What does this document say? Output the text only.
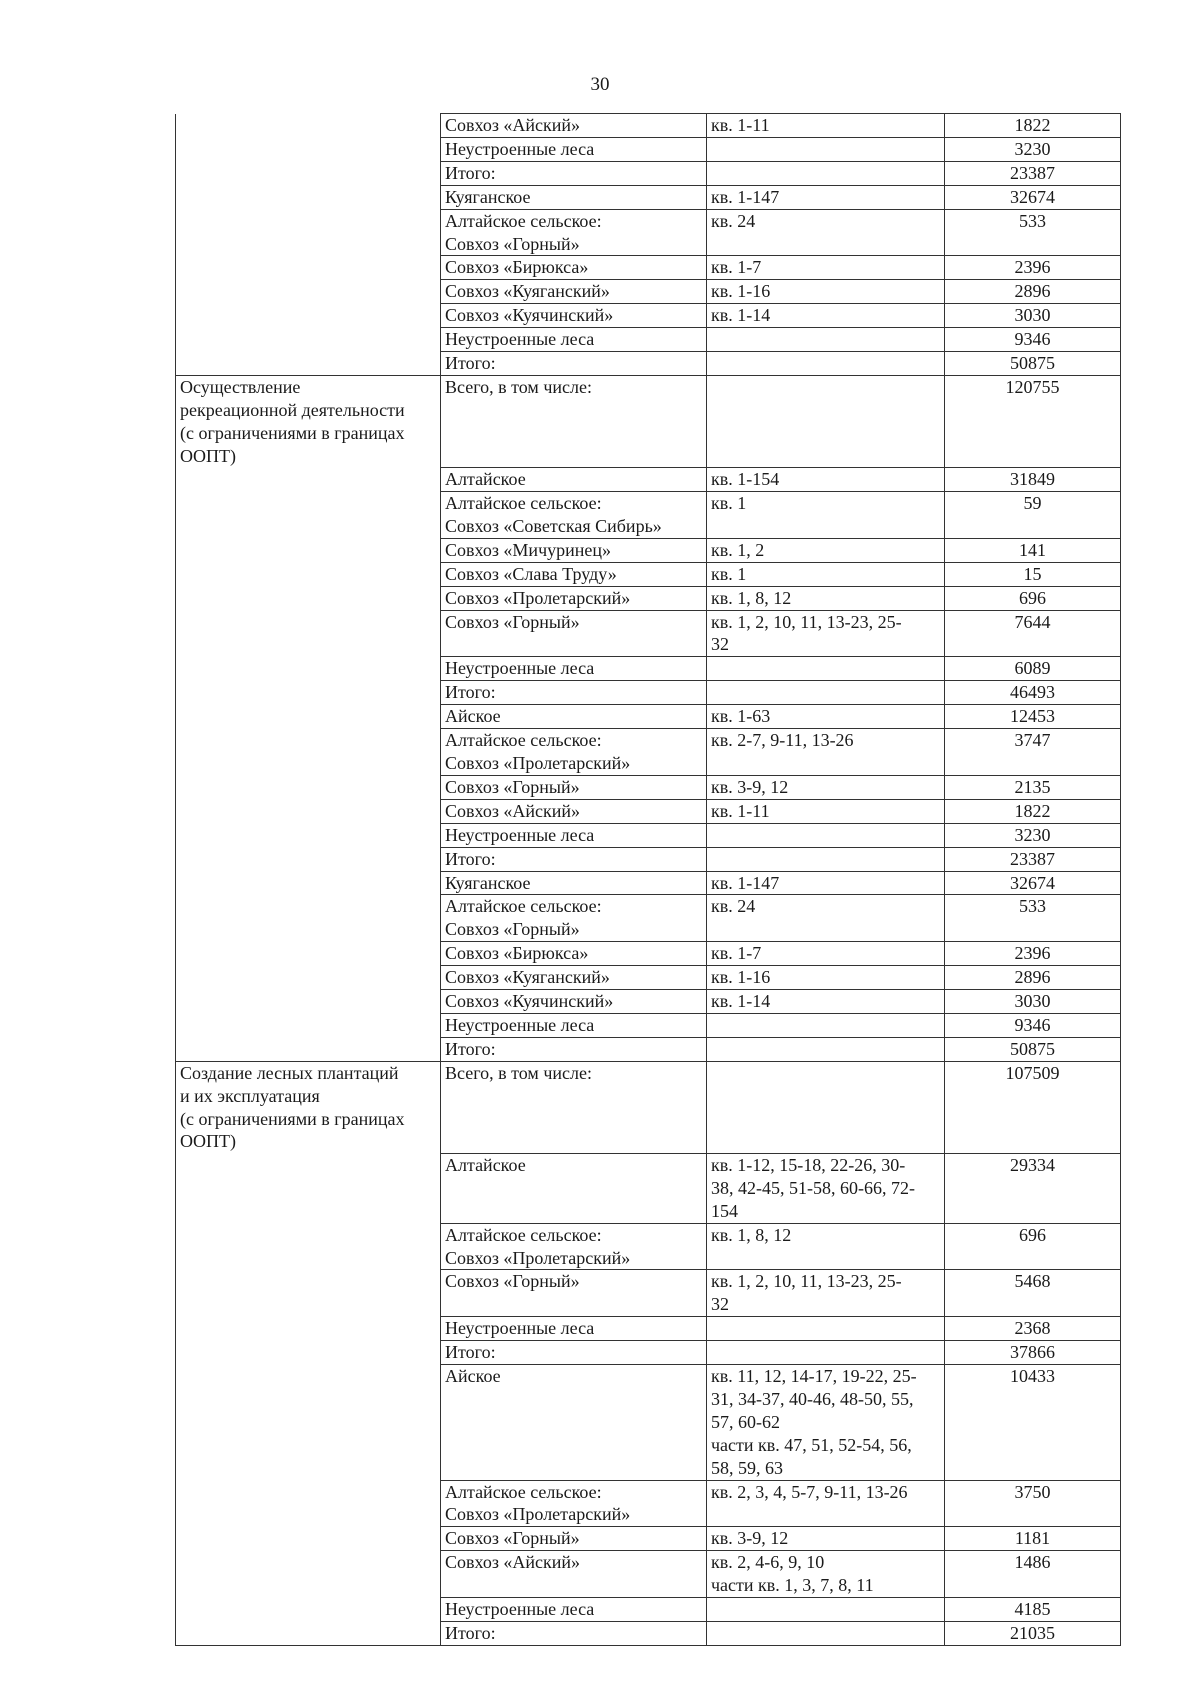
30
	Совхоз «Айский»	кв. 1-11	1822
	Неустроенные леса		3230
	Итого:		23387
	Куяганское	кв. 1-147	32674

	Алтайское сельское:
Совхоз «Горный»	кв. 24	533
	Совхоз «Бирюкса»	кв. 1-7	2396
	Совхоз «Куяганский»	кв. 1-16	2896
	Совхоз «Куячинский»	кв. 1-14	3030
	Неустроенные леса		9346
	Итого:		50875

Осуществление
рекреационной деятельности
(с ограничениями в границах
ООПТ)	Всего, в том числе:		120755
	Алтайское	кв. 1-154	31849

	Алтайское сельское:
Совхоз «Советская Сибирь»	кв. 1	59
	Совхоз «Мичуринец»	кв. 1, 2	141
	Совхоз «Слава Труду»	кв. 1	15
	Совхоз «Пролетарский»	кв. 1, 8, 12	696
	Совхоз «Горный»	кв. 1, 2, 10, 11, 13-23, 25-
32	7644
	Неустроенные леса		6089
	Итого:		46493
	Айское	кв. 1-63	12453

	Алтайское сельское:
Совхоз «Пролетарский»	кв. 2-7, 9-11, 13-26	3747
	Совхоз «Горный»	кв. 3-9, 12	2135
	Совхоз «Айский»	кв. 1-11	1822
	Неустроенные леса		3230
	Итого:		23387
	Куяганское	кв. 1-147	32674

	Алтайское сельское:
Совхоз «Горный»	кв. 24	533
	Совхоз «Бирюкса»	кв. 1-7	2396
	Совхоз «Куяганский»	кв. 1-16	2896
	Совхоз «Куячинский»	кв. 1-14	3030
	Неустроенные леса		9346
	Итого:		50875

Создание лесных плантаций
и их эксплуатация
(с ограничениями в границах
ООПТ)	Всего, в том числе:		107509
	Алтайское	кв. 1-12, 15-18, 22-26, 30-
38, 42-45, 51-58, 60-66, 72-
154	29334

	Алтайское сельское:
Совхоз «Пролетарский»	кв. 1, 8, 12	696
	Совхоз «Горный»	кв. 1, 2, 10, 11, 13-23, 25-
32	5468
	Неустроенные леса		2368
	Итого:		37866
	Айское	кв. 11, 12, 14-17, 19-22, 25-
31, 34-37, 40-46, 48-50, 55,
57, 60-62
части кв. 47, 51, 52-54, 56,
58, 59, 63	10433

	Алтайское сельское:
Совхоз «Пролетарский»	кв. 2, 3, 4, 5-7, 9-11, 13-26	3750
	Совхоз «Горный»	кв. 3-9, 12	1181
	Совхоз «Айский»	кв. 2, 4-6, 9, 10
части кв. 1, 3, 7, 8, 11	1486
	Неустроенные леса		4185
	Итого:		21035
